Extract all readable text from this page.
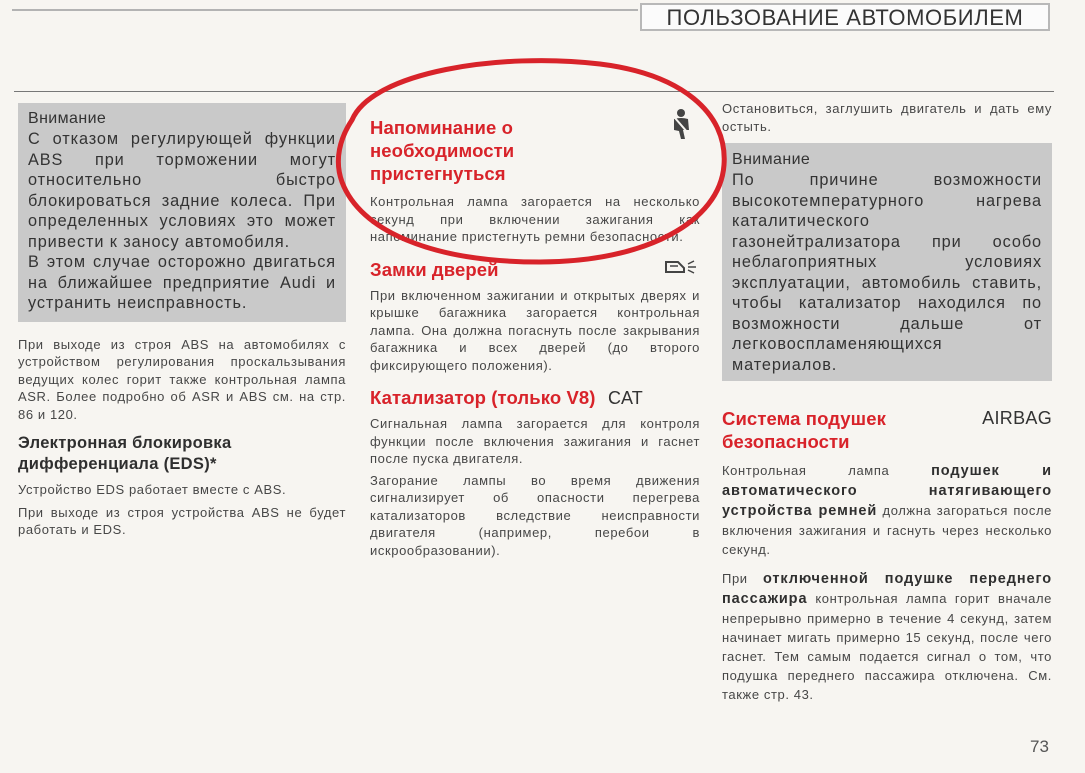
ПОЛЬЗОВАНИЕ АВТОМОБИЛЕМ
Внимание
С отказом регулирующей функции ABS при торможении могут относительно быстро блокироваться задние колеса. При определенных условиях это может привести к заносу автомобиля.
В этом случае осторожно двигаться на ближайшее предприятие Audi и устранить неисправность.

При выходе из строя ABS на автомобилях с устройством регулирования проскальзывания ведущих колес горит также контрольная лампа ASR. Более подробно об ASR и ABS см. на стр. 86 и 120.

Электронная блокировка дифференциала (EDS)*

Устройство EDS работает вместе с ABS.

При выходе из строя устройства ABS не будет работать и EDS.

Напоминание о необходимости пристегнуться

Контрольная лампа загорается на несколько секунд при включении зажигания как напоминание пристегнуть ремни безопасности.

Замки дверей

При включенном зажигании и открытых дверях и крышке багажника загорается контрольная лампа. Она должна погаснуть после закрывания багажника и всех дверей (до второго фиксирующего положения).

Катализатор (только V8) CAT

Сигнальная лампа загорается для контроля функции после включения зажигания и гаснет после пуска двигателя.

Загорание лампы во время движения сигнализирует об опасности перегрева катализаторов вследствие неисправности двигателя (например, перебои в искрообразовании).

Остановиться, заглушить двигатель и дать ему остыть.

Внимание
По причине возможности высокотемпературного нагрева каталитического газонейтрализатора при особо неблагоприятных условиях эксплуатации, автомобиль ставить, чтобы катализатор находился по возможности дальше от легковоспламеняющихся материалов.

Система подушек безопасности

AIRBAG

Контрольная лампа подушек и автоматического натягивающего устройства ремней должна загораться после включения зажигания и гаснуть через несколько секунд.

При отключенной подушке переднего пассажира контрольная лампа горит вначале непрерывно примерно в течение 4 секунд, затем начинает мигать примерно 15 секунд, после чего гаснет. Тем самым подается сигнал о том, что подушка переднего пассажира отключена. См. также стр. 43.

73
